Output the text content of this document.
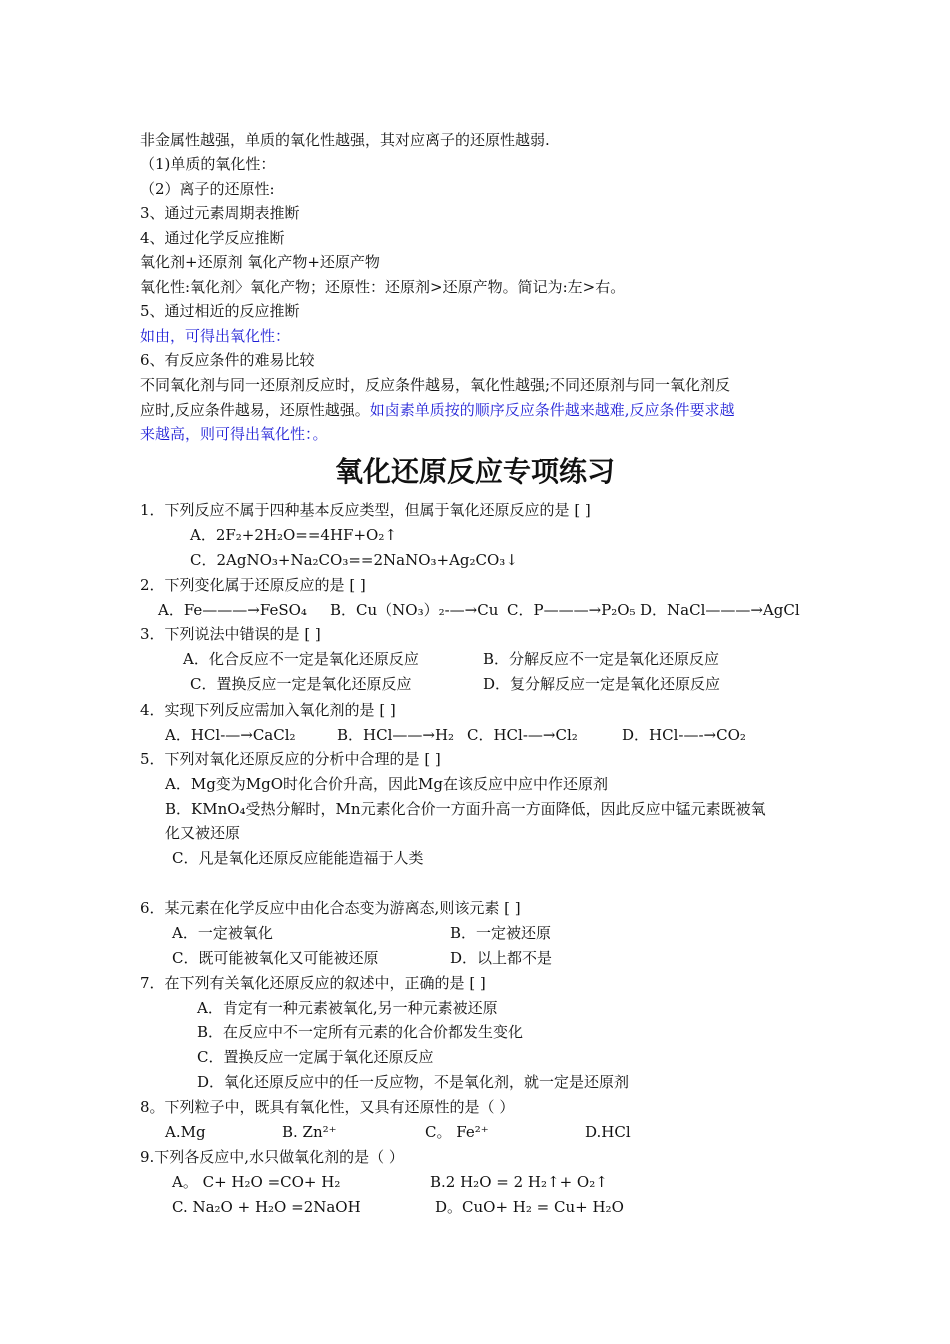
非金属性越强，单质的氧化性越强，其对应离子的还原性越弱.
（1)单质的氧化性：
（2）离子的还原性:
3、通过元素周期表推断
4、通过化学反应推断
氧化剂+还原剂 氧化产物+还原产物
氧化性:氧化剂〉氧化产物；还原性：还原剂>还原产物。简记为:左>右。
5、通过相近的反应推断
如由，可得出氧化性：
6、有反应条件的难易比较
不同氧化剂与同一还原剂反应时，反应条件越易，氧化性越强;不同还原剂与同一氧化剂反
应时,反应条件越易，还原性越强。如卤素单质按的顺序反应条件越来越难,反应条件要求越
来越高，则可得出氧化性：。
氧化还原反应专项练习
1．下列反应不属于四种基本反应类型，但属于氧化还原反应的是 [ ]
A．2F₂+2H₂O==4HF+O₂↑
C．2AgNO₃+Na₂CO₃==2NaNO₃+Ag₂CO₃↓
2．下列变化属于还原反应的是 [ ]
A．Fe———→FeSO₄ B．Cu（NO₃）₂-—→Cu C．P———→P₂O₅ D．NaCl———→AgCl
3．下列说法中错误的是 [ ]
A．化合反应不一定是氧化还原反应	B．分解反应不一定是氧化还原反应
C．置换反应一定是氧化还原反应	D．复分解反应一定是氧化还原反应
4．实现下列反应需加入氧化剂的是 [ ]
A．HCl-—→CaCl₂	B．HCl——→H₂ C．HCl-—→Cl₂	D．HCl-—-→CO₂
5．下列对氧化还原反应的分析中合理的是 [ ]
A．Mg变为MgO时化合价升高，因此Mg在该反应中应中作还原剂
B．KMnO₄受热分解时，Mn元素化合价一方面升高一方面降低，因此反应中锰元素既被氧
化又被还原
C．凡是氧化还原反应能能造福于人类
6．某元素在化学反应中由化合态变为游离态,则该元素 [ ]
A．一定被氧化	B．一定被还原
C．既可能被氧化又可能被还原	D．以上都不是
7．在下列有关氧化还原反应的叙述中，正确的是 [ ]
A．肯定有一种元素被氧化,另一种元素被还原
B．在反应中不一定所有元素的化合价都发生变化
C．置换反应一定属于氧化还原反应
D．氧化还原反应中的任一反应物，不是氧化剂，就一定是还原剂
8。下列粒子中，既具有氧化性，又具有还原性的是（ ）
A.Mg	B. Zn²⁺	C。 Fe²⁺	D.HCl
9.下列各反应中,水只做氧化剂的是（ ）
A。 C+ H₂O =CO+ H₂	B.2 H₂O = 2 H₂↑+ O₂↑
C. Na₂O + H₂O =2NaOH	D。CuO+ H₂ = Cu+ H₂O
